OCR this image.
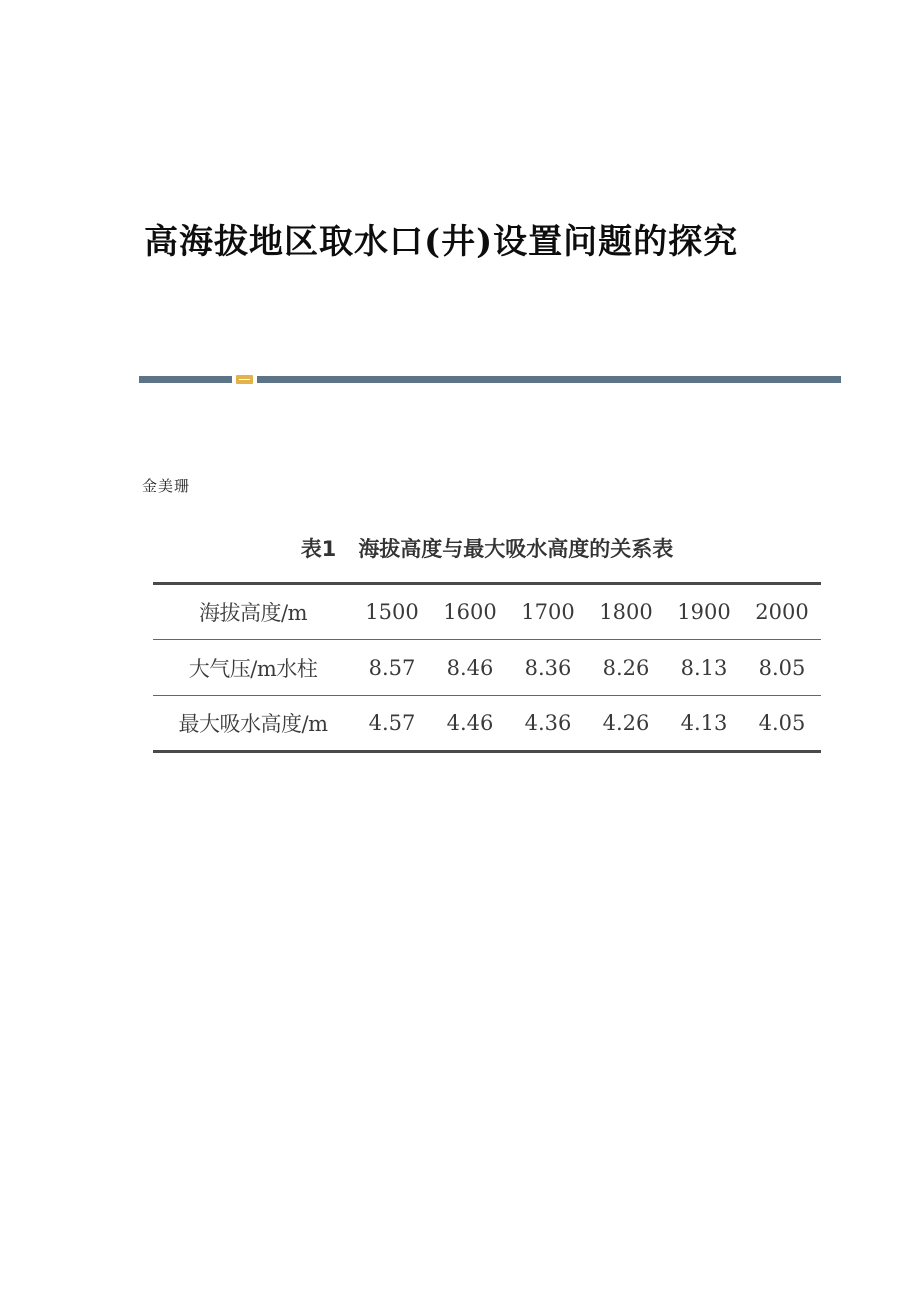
高海拔地区取水口(井)设置问题的探究
金美珊
表1 海拔高度与最大吸水高度的关系表
海拔高度/m	1500	1600	1700	1800	1900	2000
大气压/m水柱	8.57	8.46	8.36	8.26	8.13	8.05
最大吸水高度/m	4.57	4.46	4.36	4.26	4.13	4.05
